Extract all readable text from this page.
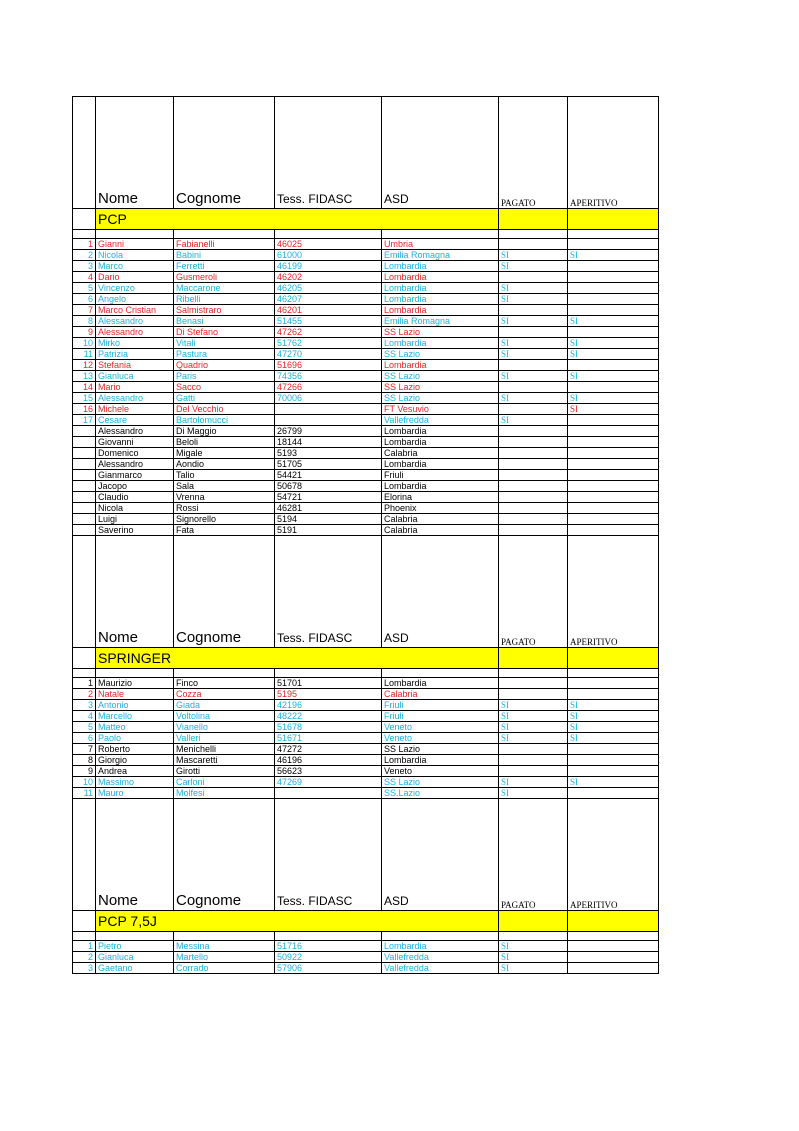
	Nome	Cognome	Tess. FIDASC	ASD	PAGATO	APERITIVO
	PCP					

1	Gianni	Fabianelli	46025	Umbria		
2	Nicola	Babini	61000	Emilia Romagna	SI	SI
3	Marco	Ferretti	46199	Lombardia	SI	
4	Dario	Gusmeroli	46202	Lombardia		
5	Vincenzo	Maccarone	46205	Lombardia	SI	
6	Angelo	Ribelli	46207	Lombardia	SI	
7	Marco Cristian	Salmistraro	46201	Lombardia		
8	Alessandro	Benasi	51455	Emilia Romagna	SI	SI
9	Alessandro	Di Stefano	47262	SS Lazio		
10	Mirko	Vitali	51762	Lombardia	SI	SI
11	Patrizia	Pastura	47270	SS Lazio	SI	SI
12	Stefania	Quadrio	51696	Lombardia		
13	Gianluca	Paris	74356	SS Lazio	SI	SI
14	Mario	Sacco	47266	SS Lazio		
15	Alessandro	Gatti	70006	SS Lazio	SI	SI
16	Michele	Del Vecchio		FT Vesuvio		SI
17	Cesare	Bartolomucci		Vallefredda	SI	
	Alessandro	Di Maggio	26799	Lombardia		
	Giovanni	Beloli	18144	Lombardia		
	Domenico	Migale	5193	Calabria		
	Alessandro	Aondio	51705	Lombardia		
	Gianmarco	Talio	54421	Friuli		
	Jacopo	Sala	50678	Lombardia		
	Claudio	Vrenna	54721	Elorina		
	Nicola	Rossi	46281	Phoenix		
	Luigi	Signorello	5194	Calabria		
	Saverino	Fata	5191	Calabria		
	Nome	Cognome	Tess. FIDASC	ASD	PAGATO	APERITIVO
	SPRINGER					

1	Maurizio	Finco	51701	Lombardia		
2	Natale	Cozza	5195	Calabria		
3	Antonio	Giada	42196	Friuli	SI	SI
4	Marcello	Voltolina	48222	Friuli	SI	SI
5	Matteo	Vianello	51678	Veneto	SI	SI
6	Paolo	Valleri	51671	Veneto	SI	SI
7	Roberto	Menichelli	47272	SS Lazio		
8	Giorgio	Mascaretti	46196	Lombardia		
9	Andrea	Girotti	56623	Veneto		
10	Massimo	Carloni	47269	SS Lazio	SI	SI
11	Mauro	Molfesi		SS.Lazio	SI	
	Nome	Cognome	Tess. FIDASC	ASD	PAGATO	APERITIVO
	PCP 7,5J					

1	Pietro	Messina	51716	Lombardia	SI	
2	Gianluca	Martello	50922	Vallefredda	SI	
3	Gaetano	Corrado	57906	Vallefredda	SI	
